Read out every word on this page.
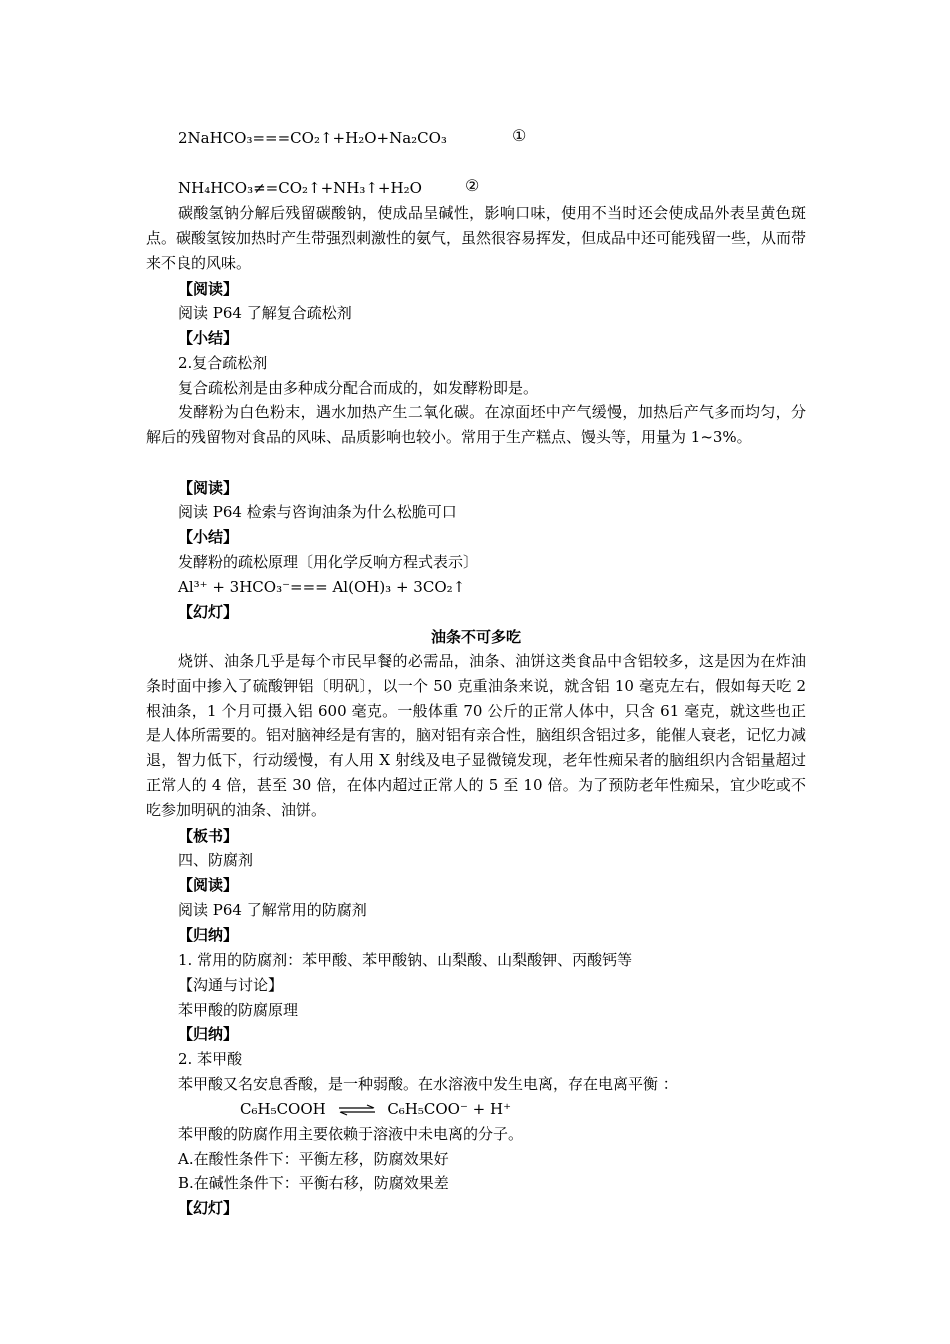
2NaHCO₃===CO₂↑+H₂O+Na₂CO₃	①
NH₄HCO₃≠=CO₂↑+NH₃↑+H₂O	②
碳酸氢钠分解后残留碳酸钠，使成品呈碱性，影响口味，使用不当时还会使成品外表呈黄色斑点。碳酸氢铵加热时产生带强烈刺激性的氨气，虽然很容易挥发，但成品中还可能残留一些，从而带来不良的风味。
【阅读】
阅读 P64 了解复合疏松剂
【小结】
2.复合疏松剂
复合疏松剂是由多种成分配合而成的，如发酵粉即是。
发酵粉为白色粉末，遇水加热产生二氧化碳。在凉面坯中产气缓慢，加热后产气多而均匀，分解后的残留物对食品的风味、品质影响也较小。常用于生产糕点、馒头等，用量为 1~3%。
【阅读】
阅读 P64 检索与咨询油条为什么松脆可口
【小结】
发酵粉的疏松原理〔用化学反响方程式表示〕
Al³⁺ + 3HCO₃⁻=== Al(OH)₃ + 3CO₂↑
【幻灯】
油条不可多吃
烧饼、油条几乎是每个市民早餐的必需品，油条、油饼这类食品中含铝较多，这是因为在炸油条时面中掺入了硫酸钾铝〔明矾〕，以一个 50 克重油条来说，就含铝 10 毫克左右，假如每天吃 2 根油条，1 个月可摄入铝 600 毫克。一般体重 70 公斤的正常人体中，只含 61 毫克，就这些也正是人体所需要的。铝对脑神经是有害的，脑对铝有亲合性，脑组织含铝过多，能催人衰老，记忆力减退，智力低下，行动缓慢，有人用 X 射线及电子显微镜发现，老年性痴呆者的脑组织内含铝量超过正常人的 4 倍，甚至 30 倍，在体内超过正常人的 5 至 10 倍。为了预防老年性痴呆，宜少吃或不吃参加明矾的油条、油饼。
【板书】
四、防腐剂
【阅读】
阅读 P64 了解常用的防腐剂
【归纳】
1. 常用的防腐剂：苯甲酸、苯甲酸钠、山梨酸、山梨酸钾、丙酸钙等
【沟通与讨论】
苯甲酸的防腐原理
【归纳】
2. 苯甲酸
苯甲酸又名安息香酸，是一种弱酸。在水溶液中发生电离，存在电离平衡 ：
C₆H₅COOH ⇌ C₆H₅COO⁻ + H⁺
苯甲酸的防腐作用主要依赖于溶液中未电离的分子。
A.在酸性条件下：平衡左移，防腐效果好
B.在碱性条件下：平衡右移，防腐效果差
【幻灯】
